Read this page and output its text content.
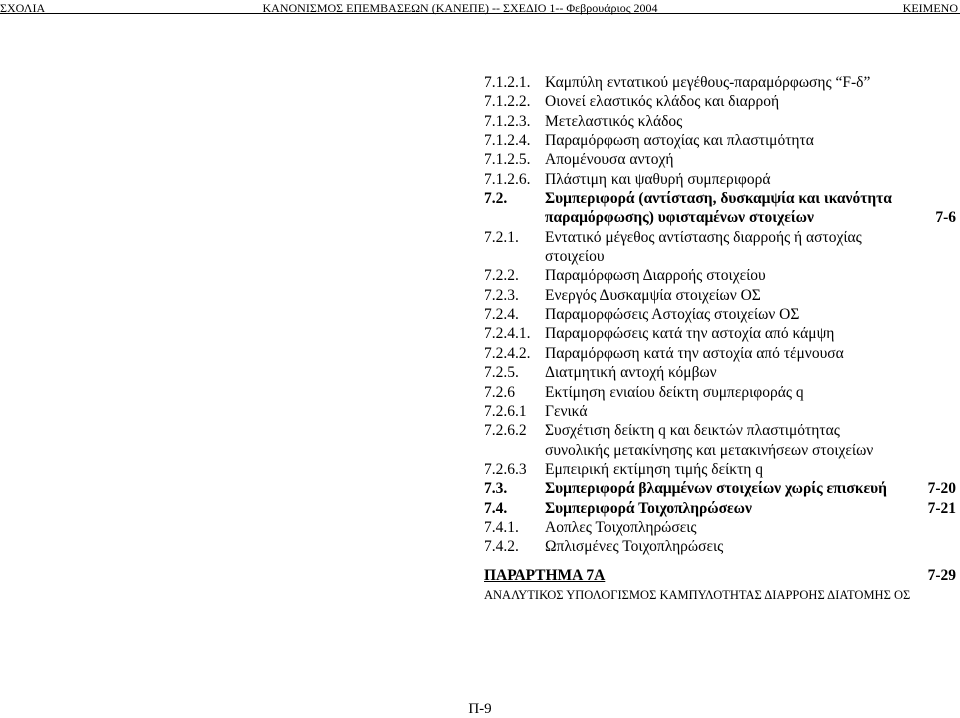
ΣΧΟΛΙΑ	ΚΑΝΟΝΙΣΜΟΣ ΕΠΕΜΒΑΣΕΩΝ (ΚΑΝΕΠΕ) -- ΣΧΕΔΙΟ 1-- Φεβρουάριος 2004	ΚΕΙΜΕΝΟ
7.1.2.1. Καμπύλη εντατικού μεγέθους-παραμόρφωσης “F-δ”
7.1.2.2. Οιονεί ελαστικός κλάδος και διαρροή
7.1.2.3. Μετελαστικός κλάδος
7.1.2.4. Παραμόρφωση αστοχίας και πλαστιμότητα
7.1.2.5. Απομένουσα αντοχή
7.1.2.6. Πλάστιμη και ψαθυρή συμπεριφορά
7.2. Συμπεριφορά (αντίσταση, δυσκαμψία και ικανότητα
παραμόρφωσης) υφισταμένων στοιχείων	7-6
7.2.1. Εντατικό μέγεθος αντίστασης διαρροής ή αστοχίας
στοιχείου
7.2.2. Παραμόρφωση Διαρροής στοιχείου
7.2.3. Ενεργός Δυσκαμψία στοιχείων ΟΣ
7.2.4. Παραμορφώσεις Αστοχίας στοιχείων ΟΣ
7.2.4.1. Παραμορφώσεις κατά την αστοχία από κάμψη
7.2.4.2. Παραμόρφωση κατά την αστοχία από τέμνουσα
7.2.5. Διατμητική αντοχή κόμβων
7.2.6 Εκτίμηση ενιαίου δείκτη συμπεριφοράς q
7.2.6.1 Γενικά
7.2.6.2 Συσχέτιση δείκτη q και δεικτών πλαστιμότητας
συνολικής μετακίνησης και μετακινήσεων στοιχείων
7.2.6.3 Εμπειρική εκτίμηση τιμής δείκτη q
7.3. Συμπεριφορά βλαμμένων στοιχείων χωρίς επισκευή	7-20
7.4. Συμπεριφορά Τοιχοπληρώσεων	7-21
7.4.1. Αοπλες Τοιχοπληρώσεις
7.4.2. Ωπλισμένες Τοιχοπληρώσεις
ΠΑΡΑΡΤΗΜΑ 7Α	7-29
ΑΝΑΛΥΤΙΚΟΣ ΥΠΟΛΟΓΙΣΜΟΣ ΚΑΜΠΥΛΟΤΗΤΑΣ ΔΙΑΡΡΟΗΣ ΔΙΑΤΟΜΗΣ ΟΣ
Π-9
